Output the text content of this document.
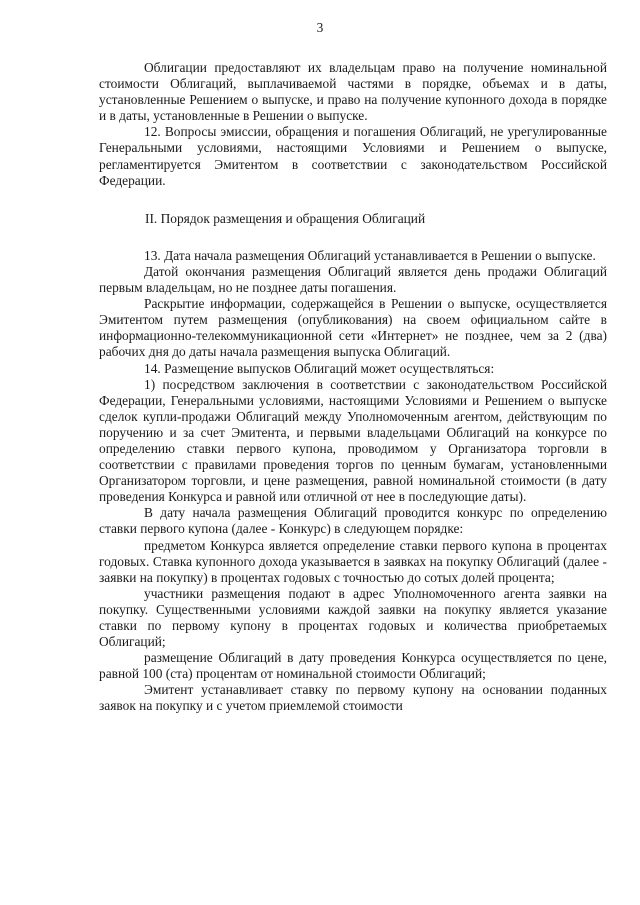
3

Облигации предоставляют их владельцам право на получение номинальной стоимости Облигаций, выплачиваемой частями в порядке, объемах и в даты, установленные Решением о выпуске, и право на получение купонного дохода в порядке и в даты, установленные в Решении о выпуске.

12. Вопросы эмиссии, обращения и погашения Облигаций, не урегулированные Генеральными условиями, настоящими Условиями и Решением о выпуске, регламентируется Эмитентом в соответствии с законодательством Российской Федерации.

II. Порядок размещения и обращения Облигаций

13. Дата начала размещения Облигаций устанавливается в Решении о выпуске.

Датой окончания размещения Облигаций является день продажи Облигаций первым владельцам, но не позднее даты погашения.

Раскрытие информации, содержащейся в Решении о выпуске, осуществляется Эмитентом путем размещения (опубликования) на своем официальном сайте в информационно-телекоммуникационной сети «Интернет» не позднее, чем за 2 (два) рабочих дня до даты начала размещения выпуска Облигаций.

14. Размещение выпусков Облигаций может осуществляться:

1) посредством заключения в соответствии с законодательством Российской Федерации, Генеральными условиями, настоящими Условиями и Решением о выпуске сделок купли-продажи Облигаций между Уполномоченным агентом, действующим по поручению и за счет Эмитента, и первыми владельцами Облигаций на конкурсе по определению ставки первого купона, проводимом у Организатора торговли в соответствии с правилами проведения торгов по ценным бумагам, установленными Организатором торговли, и цене размещения, равной номинальной стоимости (в дату проведения Конкурса и равной или отличной от нее в последующие даты).

В дату начала размещения Облигаций проводится конкурс по определению ставки первого купона (далее - Конкурс) в следующем порядке:

предметом Конкурса является определение ставки первого купона в процентах годовых. Ставка купонного дохода указывается в заявках на покупку Облигаций (далее - заявки на покупку) в процентах годовых с точностью до сотых долей процента;

участники размещения подают в адрес Уполномоченного агента заявки на покупку. Существенными условиями каждой заявки на покупку является указание ставки по первому купону в процентах годовых и количества приобретаемых Облигаций;

размещение Облигаций в дату проведения Конкурса осуществляется по цене, равной 100 (ста) процентам от номинальной стоимости Облигаций;

Эмитент устанавливает ставку по первому купону на основании поданных заявок на покупку и с учетом приемлемой стоимости
